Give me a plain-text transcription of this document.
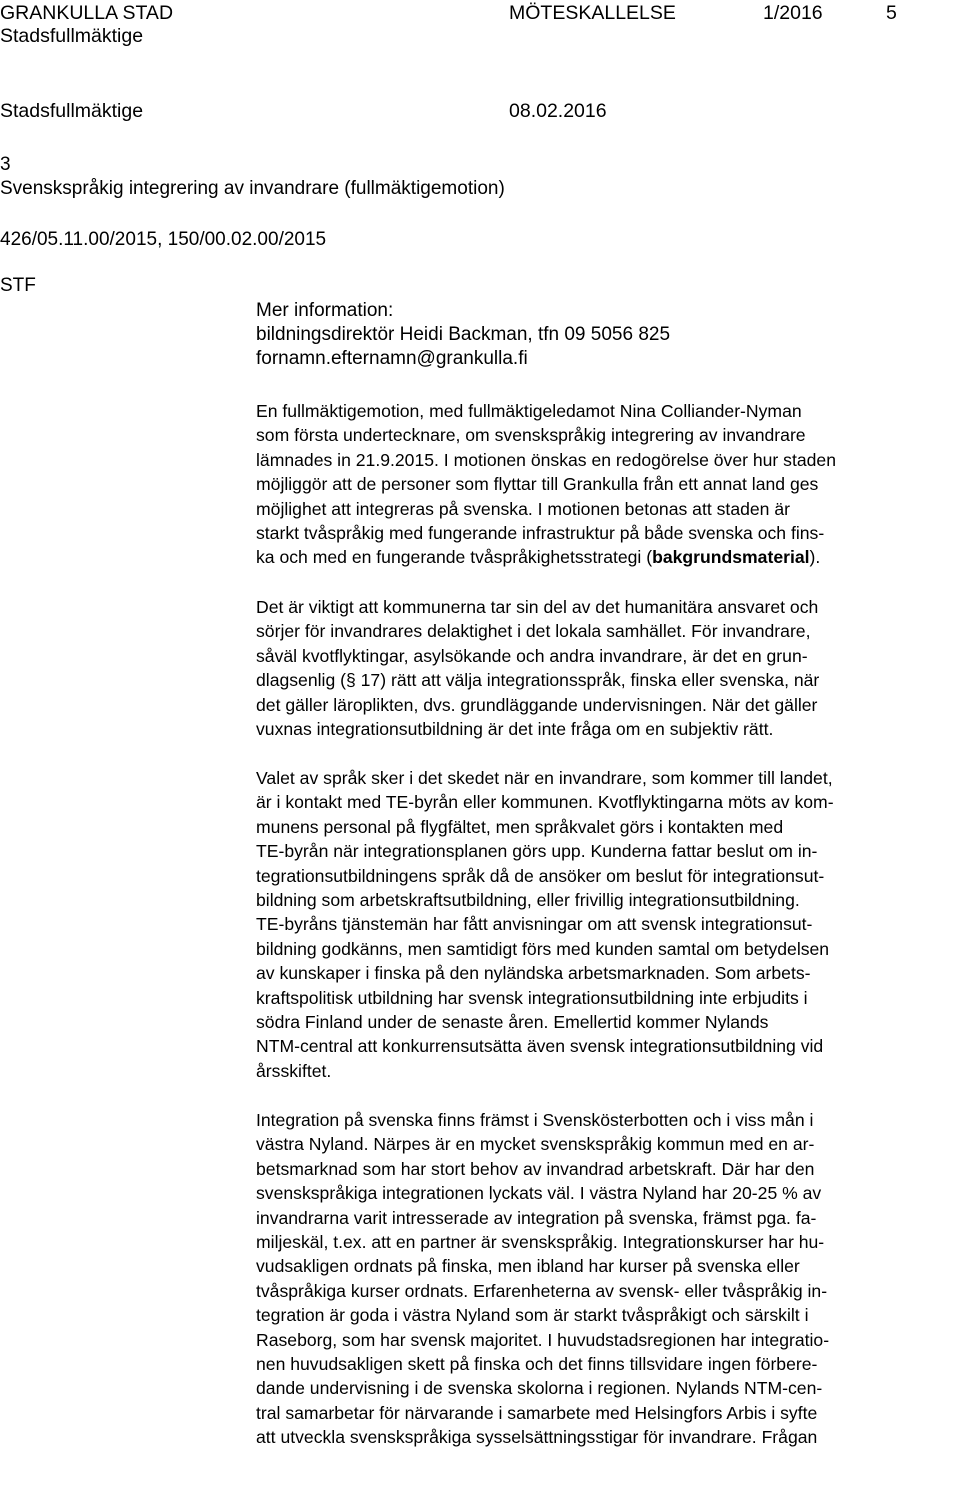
GRANKULLA STAD	MÖTESKALLELSE	1/2016	5
Stadsfullmäktige
Stadsfullmäktige	08.02.2016
3
Svenskspråkig integrering av invandrare (fullmäktigemotion)
426/05.11.00/2015, 150/00.02.00/2015
STF
Mer information:
bildningsdirektör Heidi Backman, tfn 09 5056 825
fornamn.efternamn@grankulla.fi
En fullmäktigemotion, med fullmäktigeledamot Nina Colliander-Nyman
som första undertecknare, om svenskspråkig integrering av invandrare
lämnades in 21.9.2015. I motionen önskas en redogörelse över hur staden
möjliggör att de personer som flyttar till Grankulla från ett annat land ges
möjlighet att integreras på svenska. I motionen betonas att staden är
starkt tvåspråkig med fungerande infrastruktur på både svenska och fins-
ka och med en fungerande tvåspråkighetsstrategi (bakgrundsmaterial).
Det är viktigt att kommunerna tar sin del av det humanitära ansvaret och
sörjer för invandrares delaktighet i det lokala samhället. För invandrare,
såväl kvotflyktingar, asylsökande och andra invandrare, är det en grun-
dlagsenlig (§ 17) rätt att välja integrationsspråk, finska eller svenska, när
det gäller läroplikten, dvs. grundläggande undervisningen. När det gäller
vuxnas integrationsutbildning är det inte fråga om en subjektiv rätt.
Valet av språk sker i det skedet när en invandrare, som kommer till landet,
är i kontakt med TE-byrån eller kommunen. Kvotflyktingarna möts av kom-
munens personal på flygfältet, men språkvalet görs i kontakten med
TE-byrån när integrationsplanen görs upp. Kunderna fattar beslut om in-
tegrationsutbildningens språk då de ansöker om beslut för integrationsut-
bildning som arbetskraftsutbildning, eller frivillig integrationsutbildning.
TE-byråns tjänstemän har fått anvisningar om att svensk integrationsut-
bildning godkänns, men samtidigt förs med kunden samtal om betydelsen
av kunskaper i finska på den nyländska arbetsmarknaden. Som arbets-
kraftspolitisk utbildning har svensk integrationsutbildning inte erbjudits i
södra Finland under de senaste åren. Emellertid kommer Nylands
NTM-central att konkurrensutsätta även svensk integrationsutbildning vid
årsskiftet.
Integration på svenska finns främst i Svenskösterbotten och i viss mån i
västra Nyland. Närpes är en mycket svenskspråkig kommun med en ar-
betsmarknad som har stort behov av invandrad arbetskraft. Där har den
svenskspråkiga integrationen lyckats väl. I västra Nyland har 20-25 % av
invandrarna varit intresserade av integration på svenska, främst pga. fa-
miljeskäl, t.ex. att en partner är svenskspråkig. Integrationskurser har hu-
vudsakligen ordnats på finska, men ibland har kurser på svenska eller
tvåspråkiga kurser ordnats. Erfarenheterna av svensk- eller tvåspråkig in-
tegration är goda i västra Nyland som är starkt tvåspråkigt och särskilt i
Raseborg, som har svensk majoritet. I huvudstadsregionen har integratio-
nen huvudsakligen skett på finska och det finns tillsvidare ingen förbere-
dande undervisning i de svenska skolorna i regionen. Nylands NTM-cen-
tral samarbetar för närvarande i samarbete med Helsingfors Arbis i syfte
att utveckla svenskspråkiga sysselsättningsstigar för invandrare. Frågan
